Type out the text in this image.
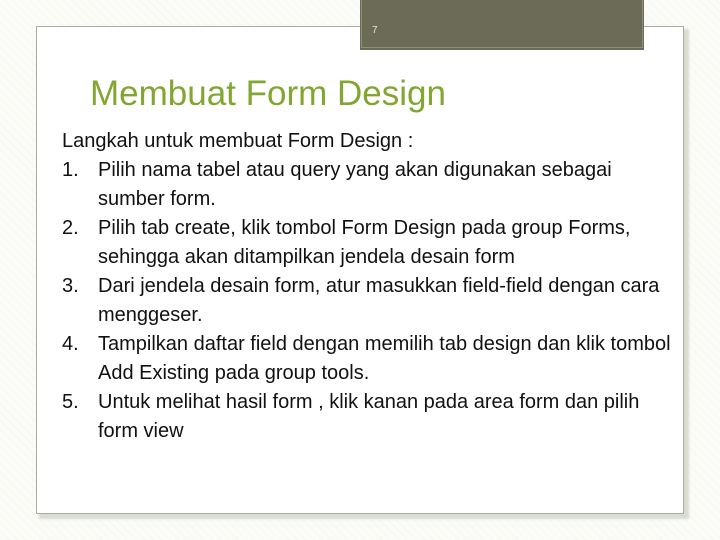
7
Membuat Form Design
Langkah untuk membuat Form Design :
1. Pilih nama tabel atau query yang akan digunakan sebagai sumber form.
2. Pilih tab create, klik tombol Form Design pada group Forms, sehingga akan ditampilkan jendela desain form
3. Dari jendela desain form, atur masukkan field-field dengan cara menggeser.
4. Tampilkan daftar field dengan memilih tab design dan klik tombol Add Existing pada group tools.
5. Untuk melihat hasil form , klik kanan pada area form dan pilih form view
